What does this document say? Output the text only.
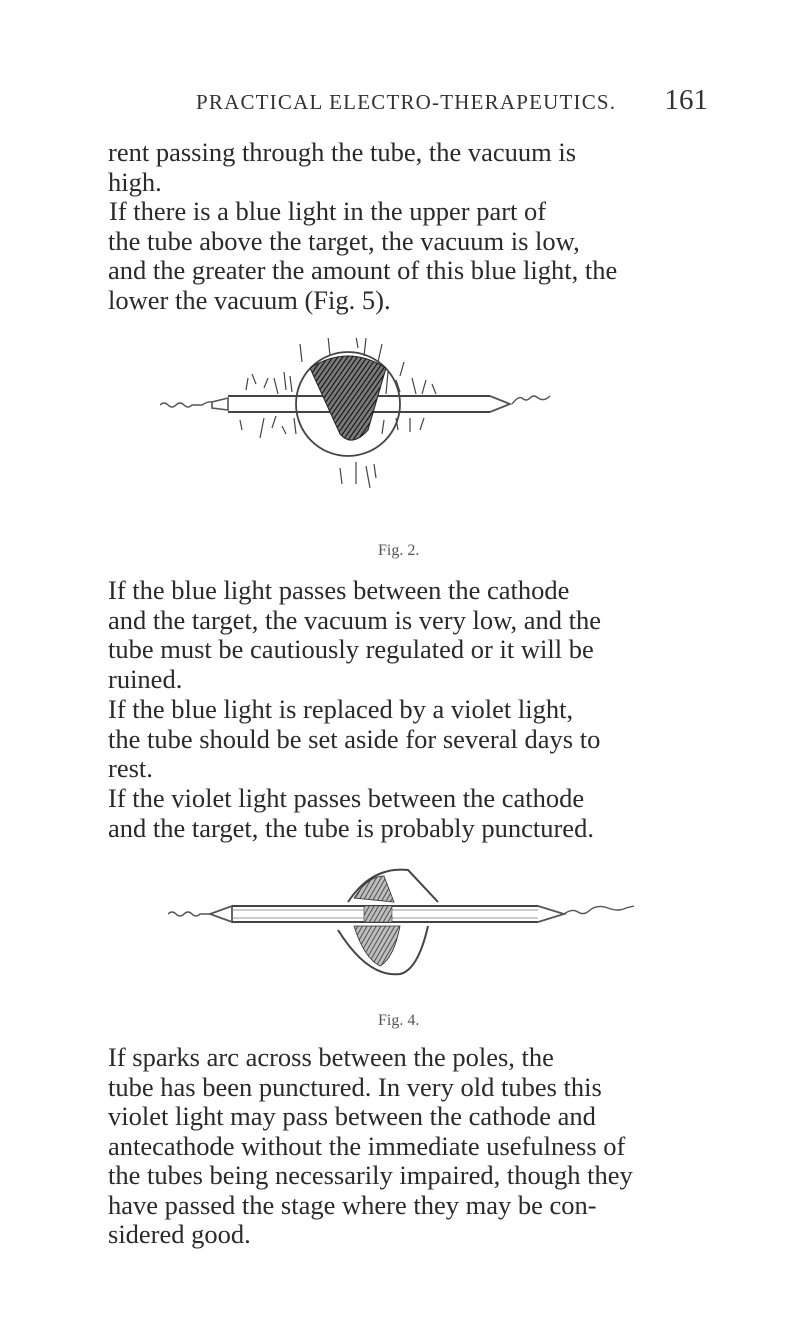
PRACTICAL ELECTRO-THERAPEUTICS. 161

rent passing through the tube, the vacuum is
high.

If there is a blue light in the upper part of
the tube above the target, the vacuum is low,
and the greater the amount of this blue light, the
lower the vacuum (Fig. 5).

Fig. 2.

If the blue light passes between the cathode
and the target, the vacuum is very low, and the
tube must be cautiously regulated or it will be
ruined.

If the blue light is replaced by a violet light,
the tube should be set aside for several days to
rest.

If the violet light passes between the cathode
and the target, the tube is probably punctured.

Fig. 4.

If sparks arc across between the poles, the
tube has been punctured. In very old tubes this
violet light may pass between the cathode and
antecathode without the immediate usefulness of
the tubes being necessarily impaired, though they
have passed the stage where they may be con-
sidered good.
